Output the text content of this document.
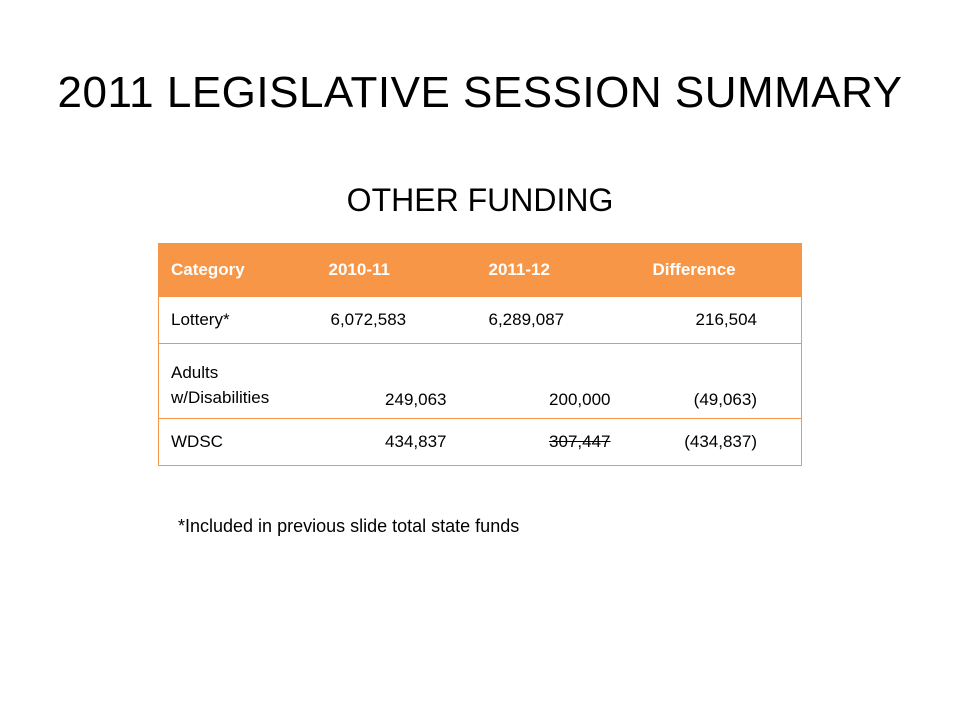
2011 LEGISLATIVE SESSION SUMMARY
OTHER FUNDING
Category	2010-11	2011-12	Difference
Lottery*	6,072,583	6,289,087	216,504

Adults
w/Disabilities	249,063	200,000	(49,063)
WDSC	434,837	307,447	(434,837)
*Included in previous slide total state funds
